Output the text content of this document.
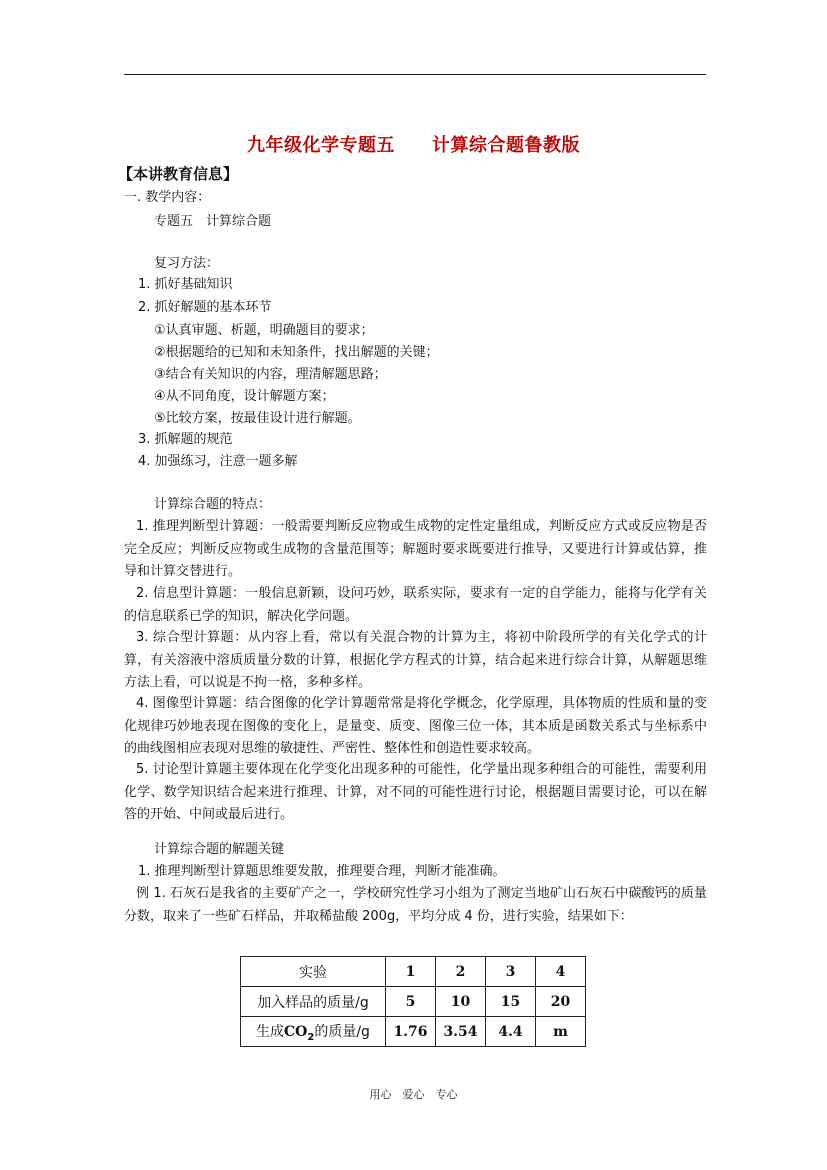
九年级化学专题五　　计算综合题鲁教版
【本讲教育信息】
一. 教学内容：
专题五　计算综合题
复习方法：
1. 抓好基础知识
2. 抓好解题的基本环节
①认真审题、析题，明确题目的要求；
②根据题给的已知和未知条件，找出解题的关键；
③结合有关知识的内容，理清解题思路；
④从不同角度，设计解题方案；
⑤比较方案，按最佳设计进行解题。
3. 抓解题的规范
4. 加强练习，注意一题多解
计算综合题的特点：
1. 推理判断型计算题：一般需要判断反应物或生成物的定性定量组成，判断反应方式或反应物是否完全反应；判断反应物或生成物的含量范围等；解题时要求既要进行推导，又要进行计算或估算，推导和计算交替进行。
2. 信息型计算题：一般信息新颖，设问巧妙，联系实际，要求有一定的自学能力，能将与化学有关的信息联系已学的知识，解决化学问题。
3. 综合型计算题：从内容上看，常以有关混合物的计算为主，将初中阶段所学的有关化学式的计算，有关溶液中溶质质量分数的计算，根据化学方程式的计算，结合起来进行综合计算，从解题思维方法上看，可以说是不拘一格，多种多样。
4. 图像型计算题：结合图像的化学计算题常常是将化学概念，化学原理，具体物质的性质和量的变化规律巧妙地表现在图像的变化上，是量变、质变、图像三位一体，其本质是函数关系式与坐标系中的曲线图相应表现对思维的敏捷性、严密性、整体性和创造性要求较高。
5. 讨论型计算题主要体现在化学变化出现多种的可能性，化学量出现多种组合的可能性，需要利用化学、数学知识结合起来进行推理、计算，对不同的可能性进行讨论，根据题目需要讨论，可以在解答的开始、中间或最后进行。
计算综合题的解题关键
1. 推理判断型计算题思维要发散，推理要合理，判断才能准确。
例 1. 石灰石是我省的主要矿产之一，学校研究性学习小组为了测定当地矿山石灰石中碳酸钙的质量分数，取来了一些矿石样品，并取稀盐酸 200g，平均分成 4 份，进行实验，结果如下：
实验	1	2	3	4
加入样品的质量/g	5	10	15	20
生成$CO_2$的质量/g	1.76	3.54	4.4	m
用心　爱心　专心
